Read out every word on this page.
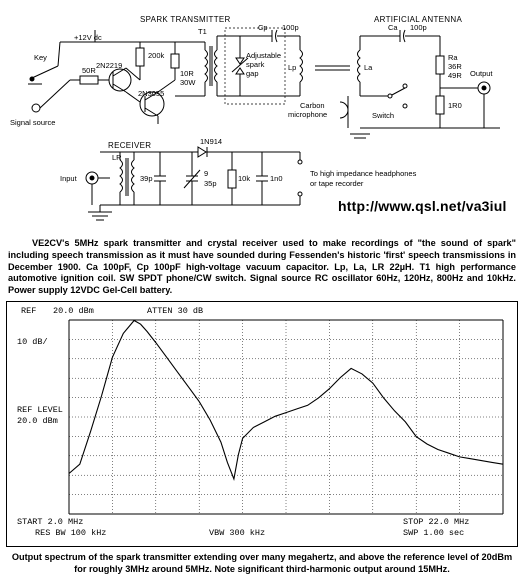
SPARK TRANSMITTER	ARTIFICIAL ANTENNA
RECEIVER
+12V dc
Key
Signal source
50R
2N2219
200k
2N3055
10R
30W
T1
Adjustable
spark
gap
Cp 100p
Lp
Ca 100p
La
Ra
36R
49R
1R0
Output
Carbon
microphone	Switch
Input
LR
1N914
39p
9
35p
10k	1n0
To high impedance headphones
or tape recorder
http://www.qsl.net/va3iul
VE2CV's 5MHz spark transmitter and crystal receiver used to make recordings of "the sound of spark" including speech transmission as it must have sounded during Fessenden's historic 'first' speech transmissions in December 1900. Ca 100pF, Cp 100pF high-voltage vacuum capacitor. Lp, La, LR 22µH. T1 high performance automotive ignition coil. SW SPDT phone/CW switch. Signal source RC oscillator 60Hz, 120Hz, 800Hz and 10kHz. Power supply 12VDC Gel-Cell battery.
REF 20.0 dBm	ATTEN 30 dB
10 dB/
REF LEVEL
20.0 dBm
START 2.0 MHz
RES BW 100 kHz	VBW 300 kHz
STOP 22.0 MHz
SWP 1.00 sec
Output spectrum of the spark transmitter extending over many megahertz, and above the reference level of 20dBm for roughly 3MHz around 5MHz. Note significant third-harmonic output around 15MHz.
